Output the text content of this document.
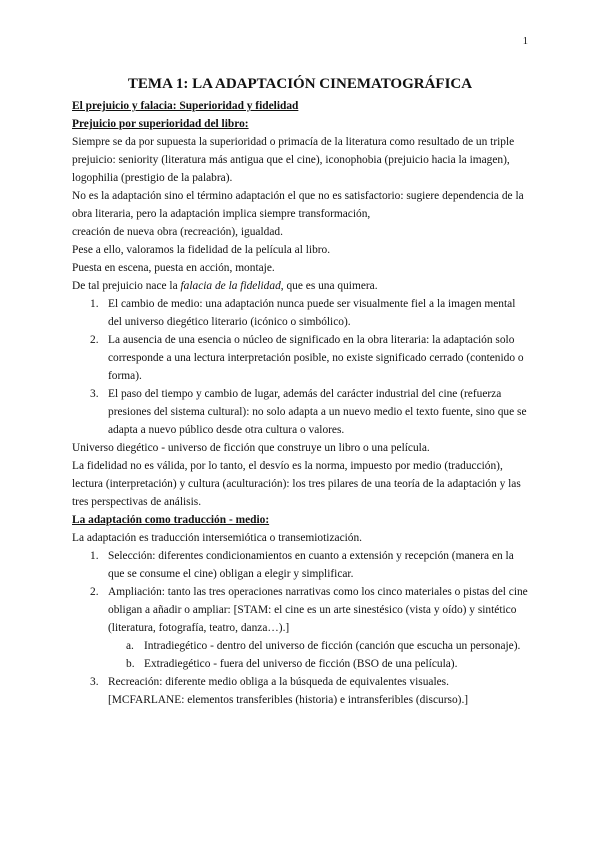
1
TEMA 1: LA ADAPTACIÓN CINEMATOGRÁFICA
El prejuicio y falacia: Superioridad y fidelidad
Prejuicio por superioridad del libro:

Siempre se da por supuesta la superioridad o primacía de la literatura como resultado de un triple prejuicio: seniority (literatura más antigua que el cine), iconophobia (prejuicio hacia la imagen), logophilia (prestigio de la palabra).

No es la adaptación sino el término adaptación el que no es satisfactorio: sugiere dependencia de la obra literaria, pero la adaptación implica siempre transformación,

creación de nueva obra (recreación), igualdad.

Pese a ello, valoramos la fidelidad de la película al libro.

Puesta en escena, puesta en acción, montaje.

De tal prejuicio nace la falacia de la fidelidad, que es una quimera.

1. El cambio de medio: una adaptación nunca puede ser visualmente fiel a la imagen mental del universo diegético literario (icónico o simbólico).
2. La ausencia de una esencia o núcleo de significado en la obra literaria: la adaptación solo corresponde a una lectura interpretación posible, no existe significado cerrado (contenido o forma).
3. El paso del tiempo y cambio de lugar, además del carácter industrial del cine (refuerza presiones del sistema cultural): no solo adapta a un nuevo medio el texto fuente, sino que se adapta a nuevo público desde otra cultura o valores.

Universo diegético - universo de ficción que construye un libro o una película.

La fidelidad no es válida, por lo tanto, el desvío es la norma, impuesto por medio (traducción), lectura (interpretación) y cultura (aculturación): los tres pilares de una teoría de la adaptación y las tres perspectivas de análisis.

La adaptación como traducción - medio:

La adaptación es traducción intersemiótica o transemiotización.

1. Selección: diferentes condicionamientos en cuanto a extensión y recepción (manera en la que se consume el cine) obligan a elegir y simplificar.
2. Ampliación: tanto las tres operaciones narrativas como los cinco materiales o pistas del cine obligan a añadir o ampliar: [STAM: el cine es un arte sinestésico (vista y oído) y sintético (literatura, fotografía, teatro, danza…).]
a. Intradiegético - dentro del universo de ficción (canción que escucha un personaje).
b. Extradiegético - fuera del universo de ficción (BSO de una película).
3. Recreación: diferente medio obliga a la búsqueda de equivalentes visuales. [MCFARLANE: elementos transferibles (historia) e intransferibles (discurso).]
